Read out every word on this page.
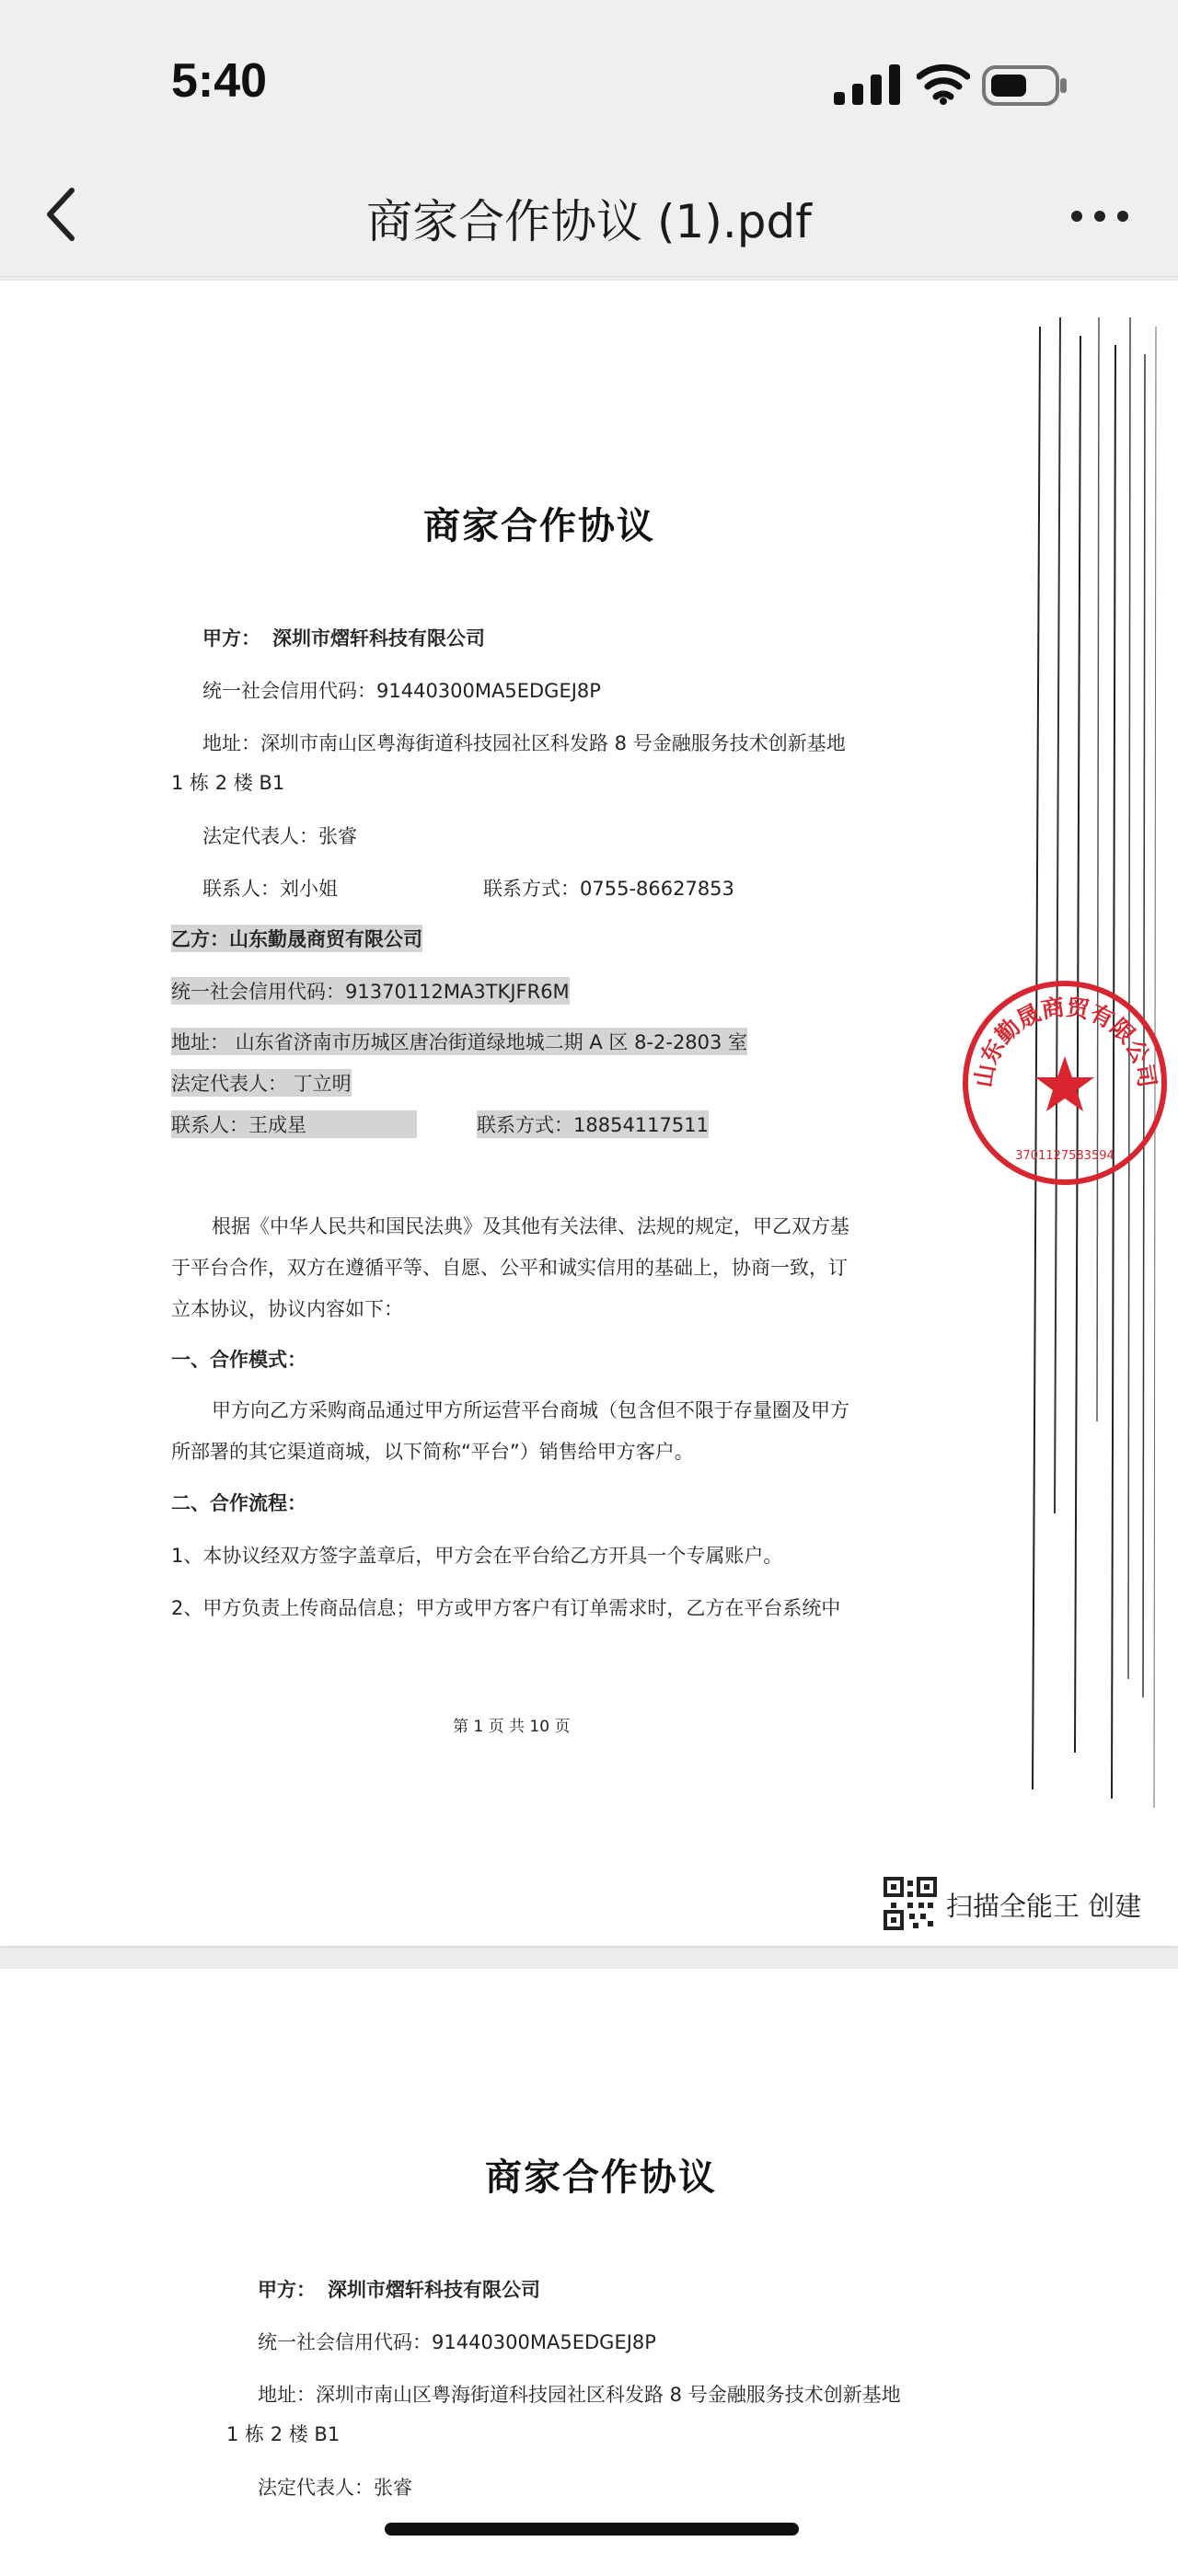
5:40
商家合作协议 (1).pdf
商家合作协议
甲方： 深圳市熠轩科技有限公司
统一社会信用代码：91440300MA5EDGEJ8P
地址：深圳市南山区粤海街道科技园社区科发路 8 号金融服务技术创新基地
1 栋 2 楼 B1
法定代表人：张睿
联系人：刘小姐	联系方式：0755-86627853
乙方：山东勤晟商贸有限公司
统一社会信用代码：91370112MA3TKJFR6M
地址： 山东省济南市历城区唐冶街道绿地城二期 A 区 8-2-2803 室
法定代表人： 丁立明
联系人：王成星	联系方式：18854117511
山东勤晟商贸有限公司
3701127583594
根据《中华人民共和国民法典》及其他有关法律、法规的规定，甲乙双方基
于平台合作，双方在遵循平等、自愿、公平和诚实信用的基础上，协商一致，订
立本协议，协议内容如下：
一、合作模式：
甲方向乙方采购商品通过甲方所运营平台商城（包含但不限于存量圈及甲方
所部署的其它渠道商城，以下简称“平台”）销售给甲方客户。
二、合作流程：
1、本协议经双方签字盖章后，甲方会在平台给乙方开具一个专属账户。
2、甲方负责上传商品信息；甲方或甲方客户有订单需求时，乙方在平台系统中
第 1 页 共 10 页
扫描全能王 创建
商家合作协议
甲方： 深圳市熠轩科技有限公司
统一社会信用代码：91440300MA5EDGEJ8P
地址：深圳市南山区粤海街道科技园社区科发路 8 号金融服务技术创新基地
1 栋 2 楼 B1
法定代表人：张睿
